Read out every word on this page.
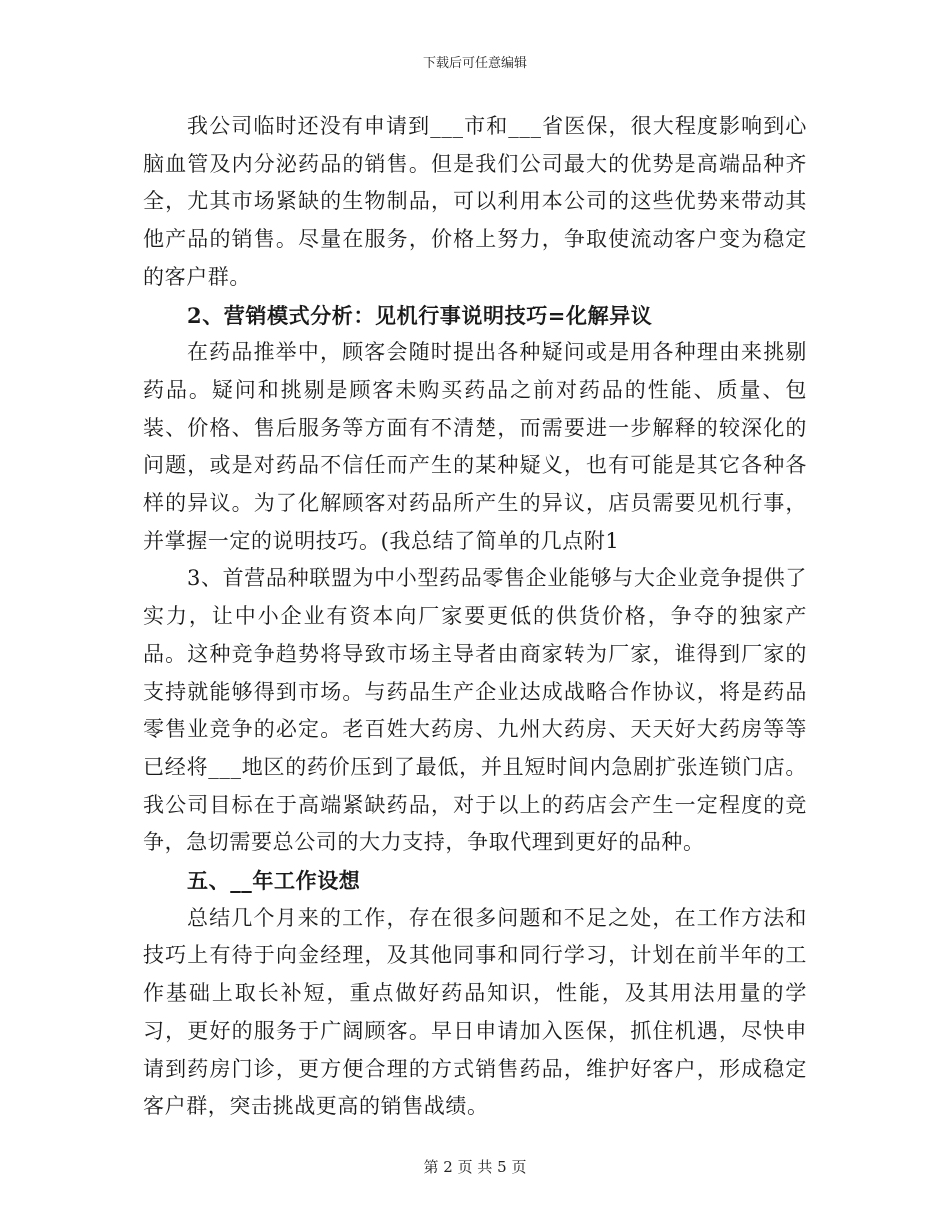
下载后可任意编辑

我公司临时还没有申请到___市和___省医保，很大程度影响到心脑血管及内分泌药品的销售。但是我们公司最大的优势是高端品种齐全，尤其市场紧缺的生物制品，可以利用本公司的这些优势来带动其他产品的销售。尽量在服务，价格上努力，争取使流动客户变为稳定的客户群。

2、营销模式分析：见机行事说明技巧=化解异议

在药品推举中，顾客会随时提出各种疑问或是用各种理由来挑剔药品。疑问和挑剔是顾客未购买药品之前对药品的性能、质量、包装、价格、售后服务等方面有不清楚，而需要进一步解释的较深化的问题，或是对药品不信任而产生的某种疑义，也有可能是其它各种各样的异议。为了化解顾客对药品所产生的异议，店员需要见机行事，并掌握一定的说明技巧。(我总结了简单的几点附1

3、首营品种联盟为中小型药品零售企业能够与大企业竞争提供了实力，让中小企业有资本向厂家要更低的供货价格，争夺的独家产品。这种竞争趋势将导致市场主导者由商家转为厂家，谁得到厂家的支持就能够得到市场。与药品生产企业达成战略合作协议，将是药品零售业竞争的必定。老百姓大药房、九州大药房、天天好大药房等等已经将___地区的药价压到了最低，并且短时间内急剧扩张连锁门店。我公司目标在于高端紧缺药品，对于以上的药店会产生一定程度的竞争，急切需要总公司的大力支持，争取代理到更好的品种。

五、__年工作设想

总结几个月来的工作，存在很多问题和不足之处，在工作方法和技巧上有待于向金经理，及其他同事和同行学习，计划在前半年的工作基础上取长补短，重点做好药品知识，性能，及其用法用量的学习，更好的服务于广阔顾客。早日申请加入医保，抓住机遇，尽快申请到药房门诊，更方便合理的方式销售药品，维护好客户，形成稳定客户群，突击挑战更高的销售战绩。

第 2 页 共 5 页
